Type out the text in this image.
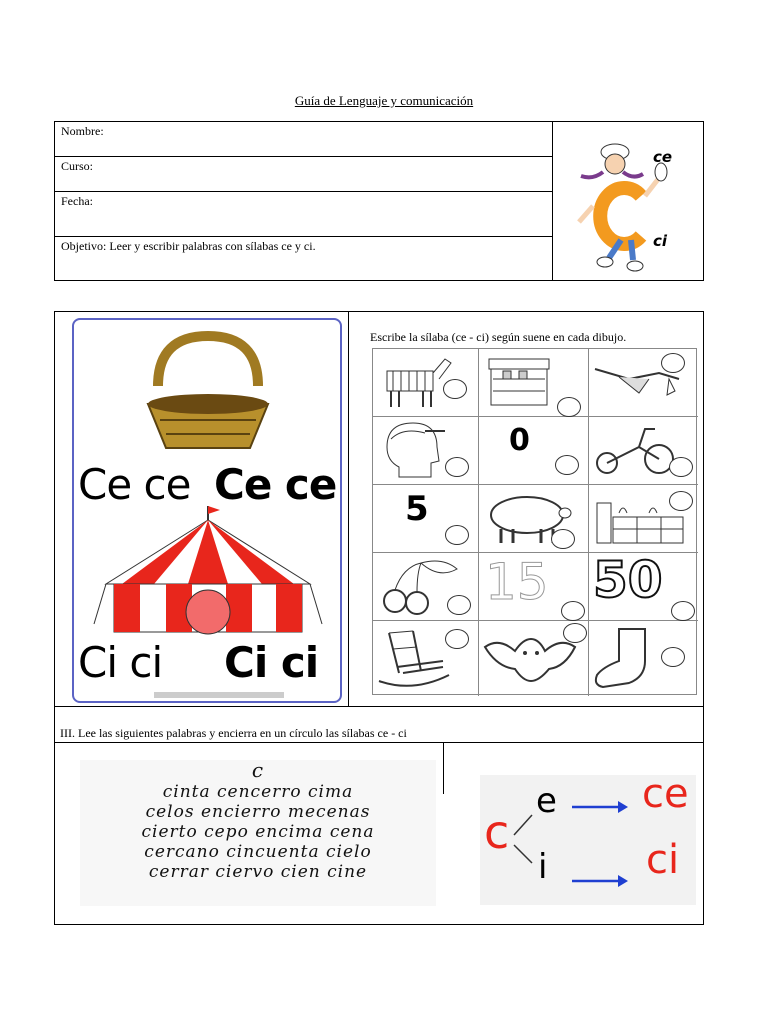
Guía de Lenguaje y comunicación
Nombre:
Curso:
Fecha:
Objetivo: Leer y escribir palabras con sílabas ce y ci.
ce
ci
Ce ce Ce ce
Ci ci Ci ci
Escribe la sílaba (ce - ci) según suene en cada dibujo.
0
5
15 50
III. Lee las siguientes palabras y encierra en un círculo las sílabas ce - ci
c
cinta cencerro cima
celos encierro mecenas
cierto cepo encima cena
cercano cincuenta cielo
cerrar ciervo cien cine
c
e
i
ce
ci
